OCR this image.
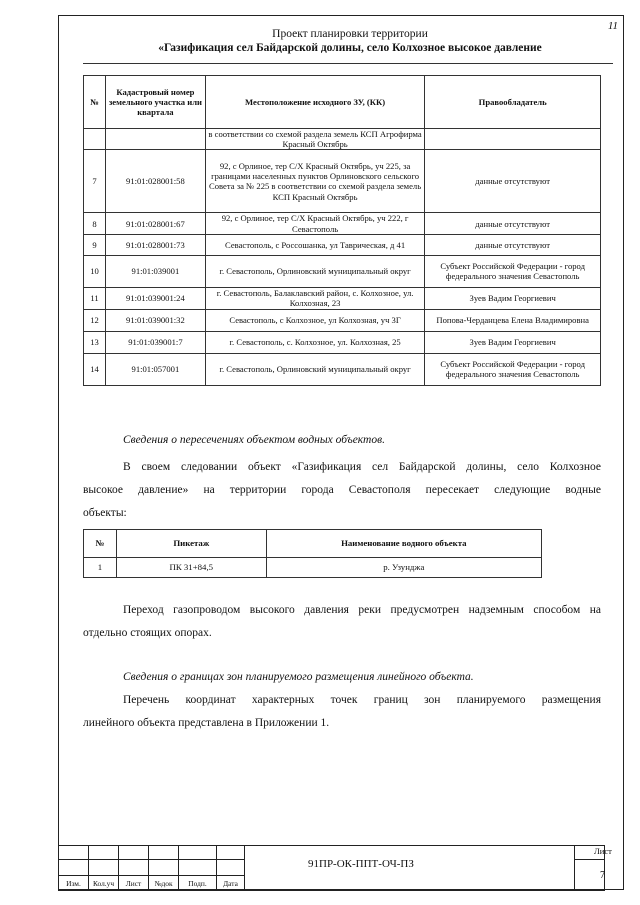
11
Проект планировки территории
«Газификация сел Байдарской долины, село Колхозное высокое давление
№	Кадастровый номер земельного участка или квартала	Местоположение исходного ЗУ, (КК)	Правообладатель
		в соответствии со схемой раздела земель КСП Агрофирма Красный Октябрь	
7	91:01:028001:58	92, с Орлиное, тер С/Х Красный Октябрь, уч 225, за границами населенных пунктов Орлиновского сельского Совета за № 225 в соответствии со схемой раздела земель КСП Красный Октябрь	данные отсутствуют
8	91:01:028001:67	92, с Орлиное, тер С/Х Красный Октябрь, уч 222, г Севастополь	данные отсутствуют
9	91:01:028001:73	Севастополь, с Россошанка, ул Таврическая, д 41	данные отсутствуют
10	91:01:039001	г. Севастополь, Орлиновский муниципальный округ	Субъект Российской Федерации - город федерального значения Севастополь
11	91:01:039001:24	г. Севастополь, Балаклавский район, с. Колхозное, ул. Колхозная, 23	Зуев Вадим Георгиевич
12	91:01:039001:32	Севастополь, с Колхозное, ул Колхозная, уч 3Г	Попова-Черданцева Елена Владимировна
13	91:01:039001:7	г. Севастополь, с. Колхозное, ул. Колхозная, 25	Зуев Вадим Георгиевич
14	91:01:057001	г. Севастополь, Орлиновский муниципальный округ	Субъект Российской Федерации - город федерального значения Севастополь
Сведения о пересечениях объектом водных объектов.
В своем следовании объект «Газификация сел Байдарской долины, село Колхозное
высокое давление» на территории города Севастополя пересекает следующие водные
объекты:
№	Пикетаж	Наименование водного объекта
1	ПК 31+84,5	р. Узунджа
Переход газопроводом высокого давления реки предусмотрен надземным способом на
отдельно стоящих опорах.
Сведения о границах зон планируемого размещения линейного объекта.
Перечень координат характерных точек границ зон планируемого размещения
линейного объекта представлена в Приложении 1.

Изм.	Кол.уч	Лист	№док	Подп.	Дата		
91ПР-ОК-ППТ-ОЧ-ПЗ
Лист
7
